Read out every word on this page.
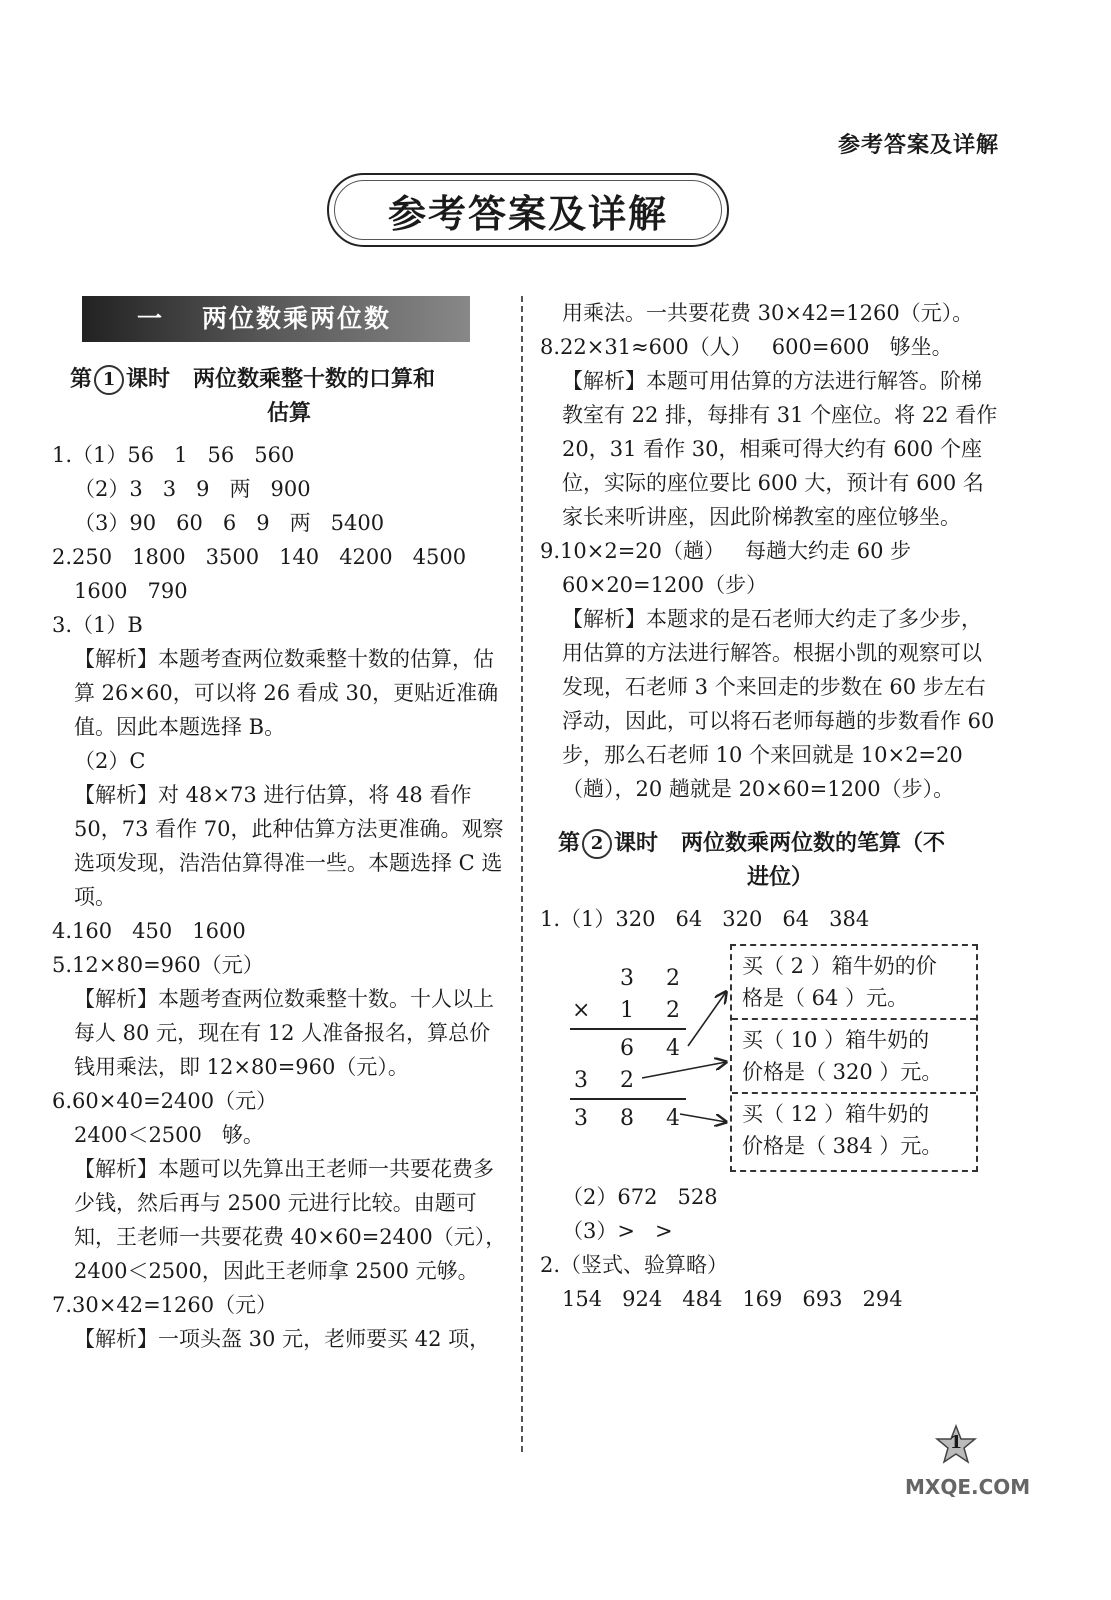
参考答案及详解
参考答案及详解
一 两位数乘两位数
第 1 课时 两位数乘整十数的口算和
估算
1.（1）56   1   56   560
（2）3   3   9   两   900
（3）90   60   6   9   两   5400
2.250   1800   3500   140   4200   4500
1600   790
3.（1）B
【解析】本题考查两位数乘整十数的估算，估算 26×60，可以将 26 看成 30，更贴近准确值。因此本题选择 B。
（2）C
【解析】对 48×73 进行估算，将 48 看作 50，73 看作 70，此种估算方法更准确。观察选项发现，浩浩估算得准一些。本题选择 C 选项。
4.160   450   1600
5.12×80=960（元）
【解析】本题考查两位数乘整十数。十人以上每人 80 元，现在有 12 人准备报名，算总价钱用乘法，即 12×80=960（元）。
6.60×40=2400（元）
2400＜2500   够。
【解析】本题可以先算出王老师一共要花费多少钱，然后再与 2500 元进行比较。由题可知，王老师一共要花费 40×60=2400（元），2400＜2500，因此王老师拿 2500 元够。
7.30×42=1260（元）
【解析】一项头盔 30 元，老师要买 42 项，
用乘法。一共要花费 30×42=1260（元）。
8.22×31≈600（人）   600=600   够坐。
【解析】本题可用估算的方法进行解答。阶梯教室有 22 排，每排有 31 个座位。将 22 看作 20，31 看作 30，相乘可得大约有 600 个座位，实际的座位要比 600 大，预计有 600 名家长来听讲座，因此阶梯教室的座位够坐。
9.10×2=20（趟）   每趟大约走 60 步
60×20=1200（步）
【解析】本题求的是石老师大约走了多少步，用估算的方法进行解答。根据小凯的观察可以发现，石老师 3 个来回走的步数在 60 步左右浮动，因此，可以将石老师每趟的步数看作 60 步，那么石老师 10 个来回就是 10×2=20（趟），20 趟就是 20×60=1200（步）。
第 2 课时 两位数乘两位数的笔算（不
进位）
1.（1）320   64   320   64   384
3 2
× 1 2
6 4
3 2
3 8 4
买（ 2 ）箱牛奶的价
格是（ 64 ）元。
买（ 10 ）箱牛奶的
价格是（ 320 ）元。
买（ 12 ）箱牛奶的
价格是（ 384 ）元。
（2）672   528
（3）>   >
2.（竖式、验算略）
154   924   484   169   693   294
1
MXQE.COM
